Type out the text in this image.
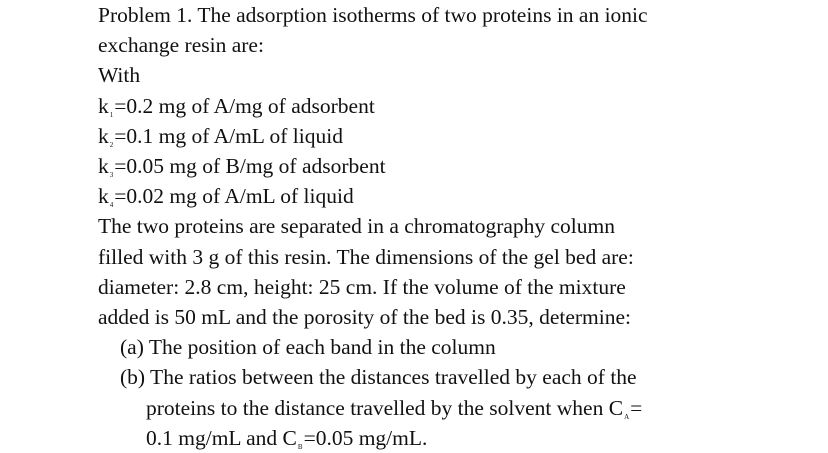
Problem 1. The adsorption isotherms of two proteins in an ionic
exchange resin are:
With
$k_1=0.2$ mg of A/mg of adsorbent
$k_2=0.1$ mg of A/mL of liquid
$k_3=0.05$ mg of B/mg of adsorbent
$k_4=0.02$ mg of A/mL of liquid
The two proteins are separated in a chromatography column
filled with 3 g of this resin. The dimensions of the gel bed are:
diameter: 2.8 cm, height: 25 cm. If the volume of the mixture
added is 50 mL and the porosity of the bed is 0.35, determine:
(a) The position of each band in the column
(b) The ratios between the distances travelled by each of the
proteins to the distance travelled by the solvent when $C_A=$
0.1 mg/mL and $C_B=0.05$ mg/mL.
